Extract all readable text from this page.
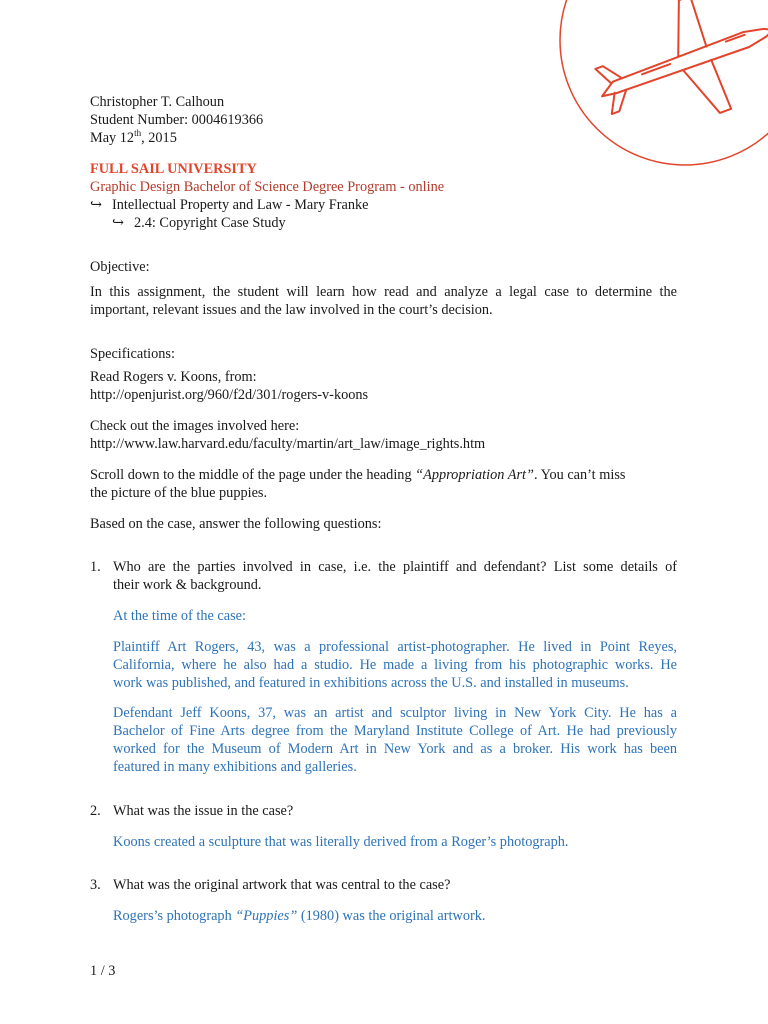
Christopher T. Calhoun
Student Number: 0004619366
May 12th, 2015
FULL SAIL UNIVERSITY
Graphic Design Bachelor of Science Degree Program - online
↪ Intellectual Property and Law - Mary Franke
↪ 2.4: Copyright Case Study
Objective:
In this assignment, the student will learn how read and analyze a legal case to determine the
important, relevant issues and the law involved in the court’s decision.
Specifications:
Read Rogers v. Koons, from:
http://openjurist.org/960/f2d/301/rogers-v-koons
Check out the images involved here:
http://www.law.harvard.edu/faculty/martin/art_law/image_rights.htm
Scroll down to the middle of the page under the heading “Appropriation Art”. You can’t miss
the picture of the blue puppies.
Based on the case, answer the following questions:
1. Who are the parties involved in case, i.e. the plaintiff and defendant? List some details of
their work & background.
At the time of the case:
Plaintiff Art Rogers, 43, was a professional artist-photographer. He lived in Point Reyes,
California, where he also had a studio. He made a living from his photographic works. He
work was published, and featured in exhibitions across the U.S. and installed in museums.
Defendant Jeff Koons, 37, was an artist and sculptor living in New York City. He has a
Bachelor of Fine Arts degree from the Maryland Institute College of Art. He had previously
worked for the Museum of Modern Art in New York and as a broker. His work has been
featured in many exhibitions and galleries.
2. What was the issue in the case?
Koons created a sculpture that was literally derived from a Roger’s photograph.
3. What was the original artwork that was central to the case?
Rogers’s photograph “Puppies” (1980) was the original artwork.
1 / 3
